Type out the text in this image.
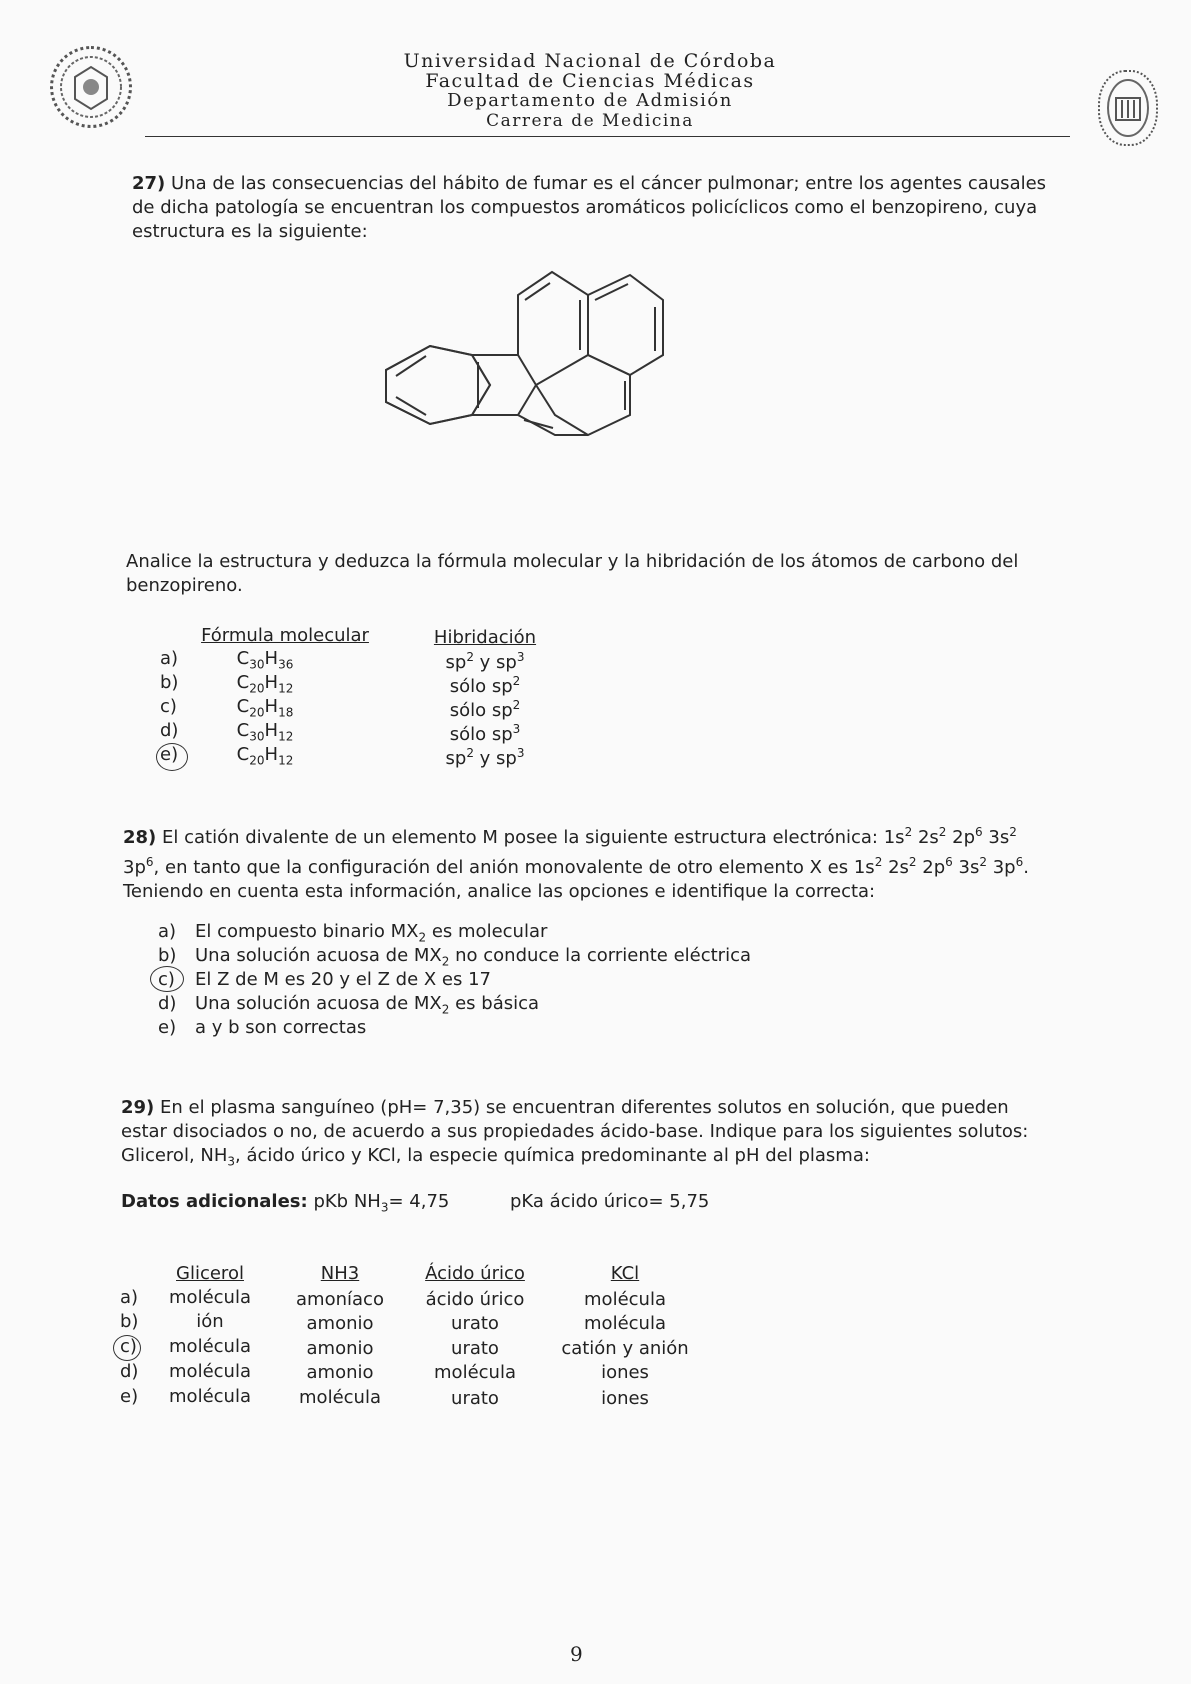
Universidad Nacional de Córdoba
Facultad de Ciencias Médicas
Departamento de Admisión
Carrera de Medicina
27) Una de las consecuencias del hábito de fumar es el cáncer pulmonar; entre los agentes causales de dicha patología se encuentran los compuestos aromáticos policíclicos como el benzopireno, cuya estructura es la siguiente:
Analice la estructura y deduzca la fórmula molecular y la hibridación de los átomos de carbono del benzopireno.
Fórmula molecular	Hibridación
a)	$C_{30}H_{36}$	$sp^2$ y $sp^3$
b)	$C_{20}H_{12}$	sólo $sp^2$
c)	$C_{20}H_{18}$	sólo $sp^2$
d)	$C_{30}H_{12}$	sólo $sp^3$
e)	$C_{20}H_{12}$	$sp^2$ y $sp^3$
28) El catión divalente de un elemento M posee la siguiente estructura electrónica: $1s^2$ $2s^2$ $2p^6$ $3s^2$ $3p^6$, en tanto que la configuración del anión monovalente de otro elemento X es $1s^2$ $2s^2$ $2p^6$ $3s^2$ $3p^6$. Teniendo en cuenta esta información, analice las opciones e identifique la correcta:
a) El compuesto binario $MX_2$ es molecular
b) Una solución acuosa de $MX_2$ no conduce la corriente eléctrica
c) El Z de M es 20 y el Z de X es 17
d) Una solución acuosa de $MX_2$ es básica
e) a y b son correctas
29) En el plasma sanguíneo (pH= 7,35) se encuentran diferentes solutos en solución, que pueden estar disociados o no, de acuerdo a sus propiedades ácido-base. Indique para los siguientes solutos: Glicerol, $NH_3$, ácido úrico y KCl, la especie química predominante al pH del plasma:
Datos adicionales: pKb $NH_3= 4,75$	pKa ácido úrico= 5,75
Glicerol	NH3	Ácido úrico	KCl
a)	molécula	amoníaco	ácido úrico	molécula
b)	ión	amonio	urato	molécula
c)	molécula	amonio	urato	catión y anión
d)	molécula	amonio	molécula	iones
e)	molécula	molécula	urato	iones
9
